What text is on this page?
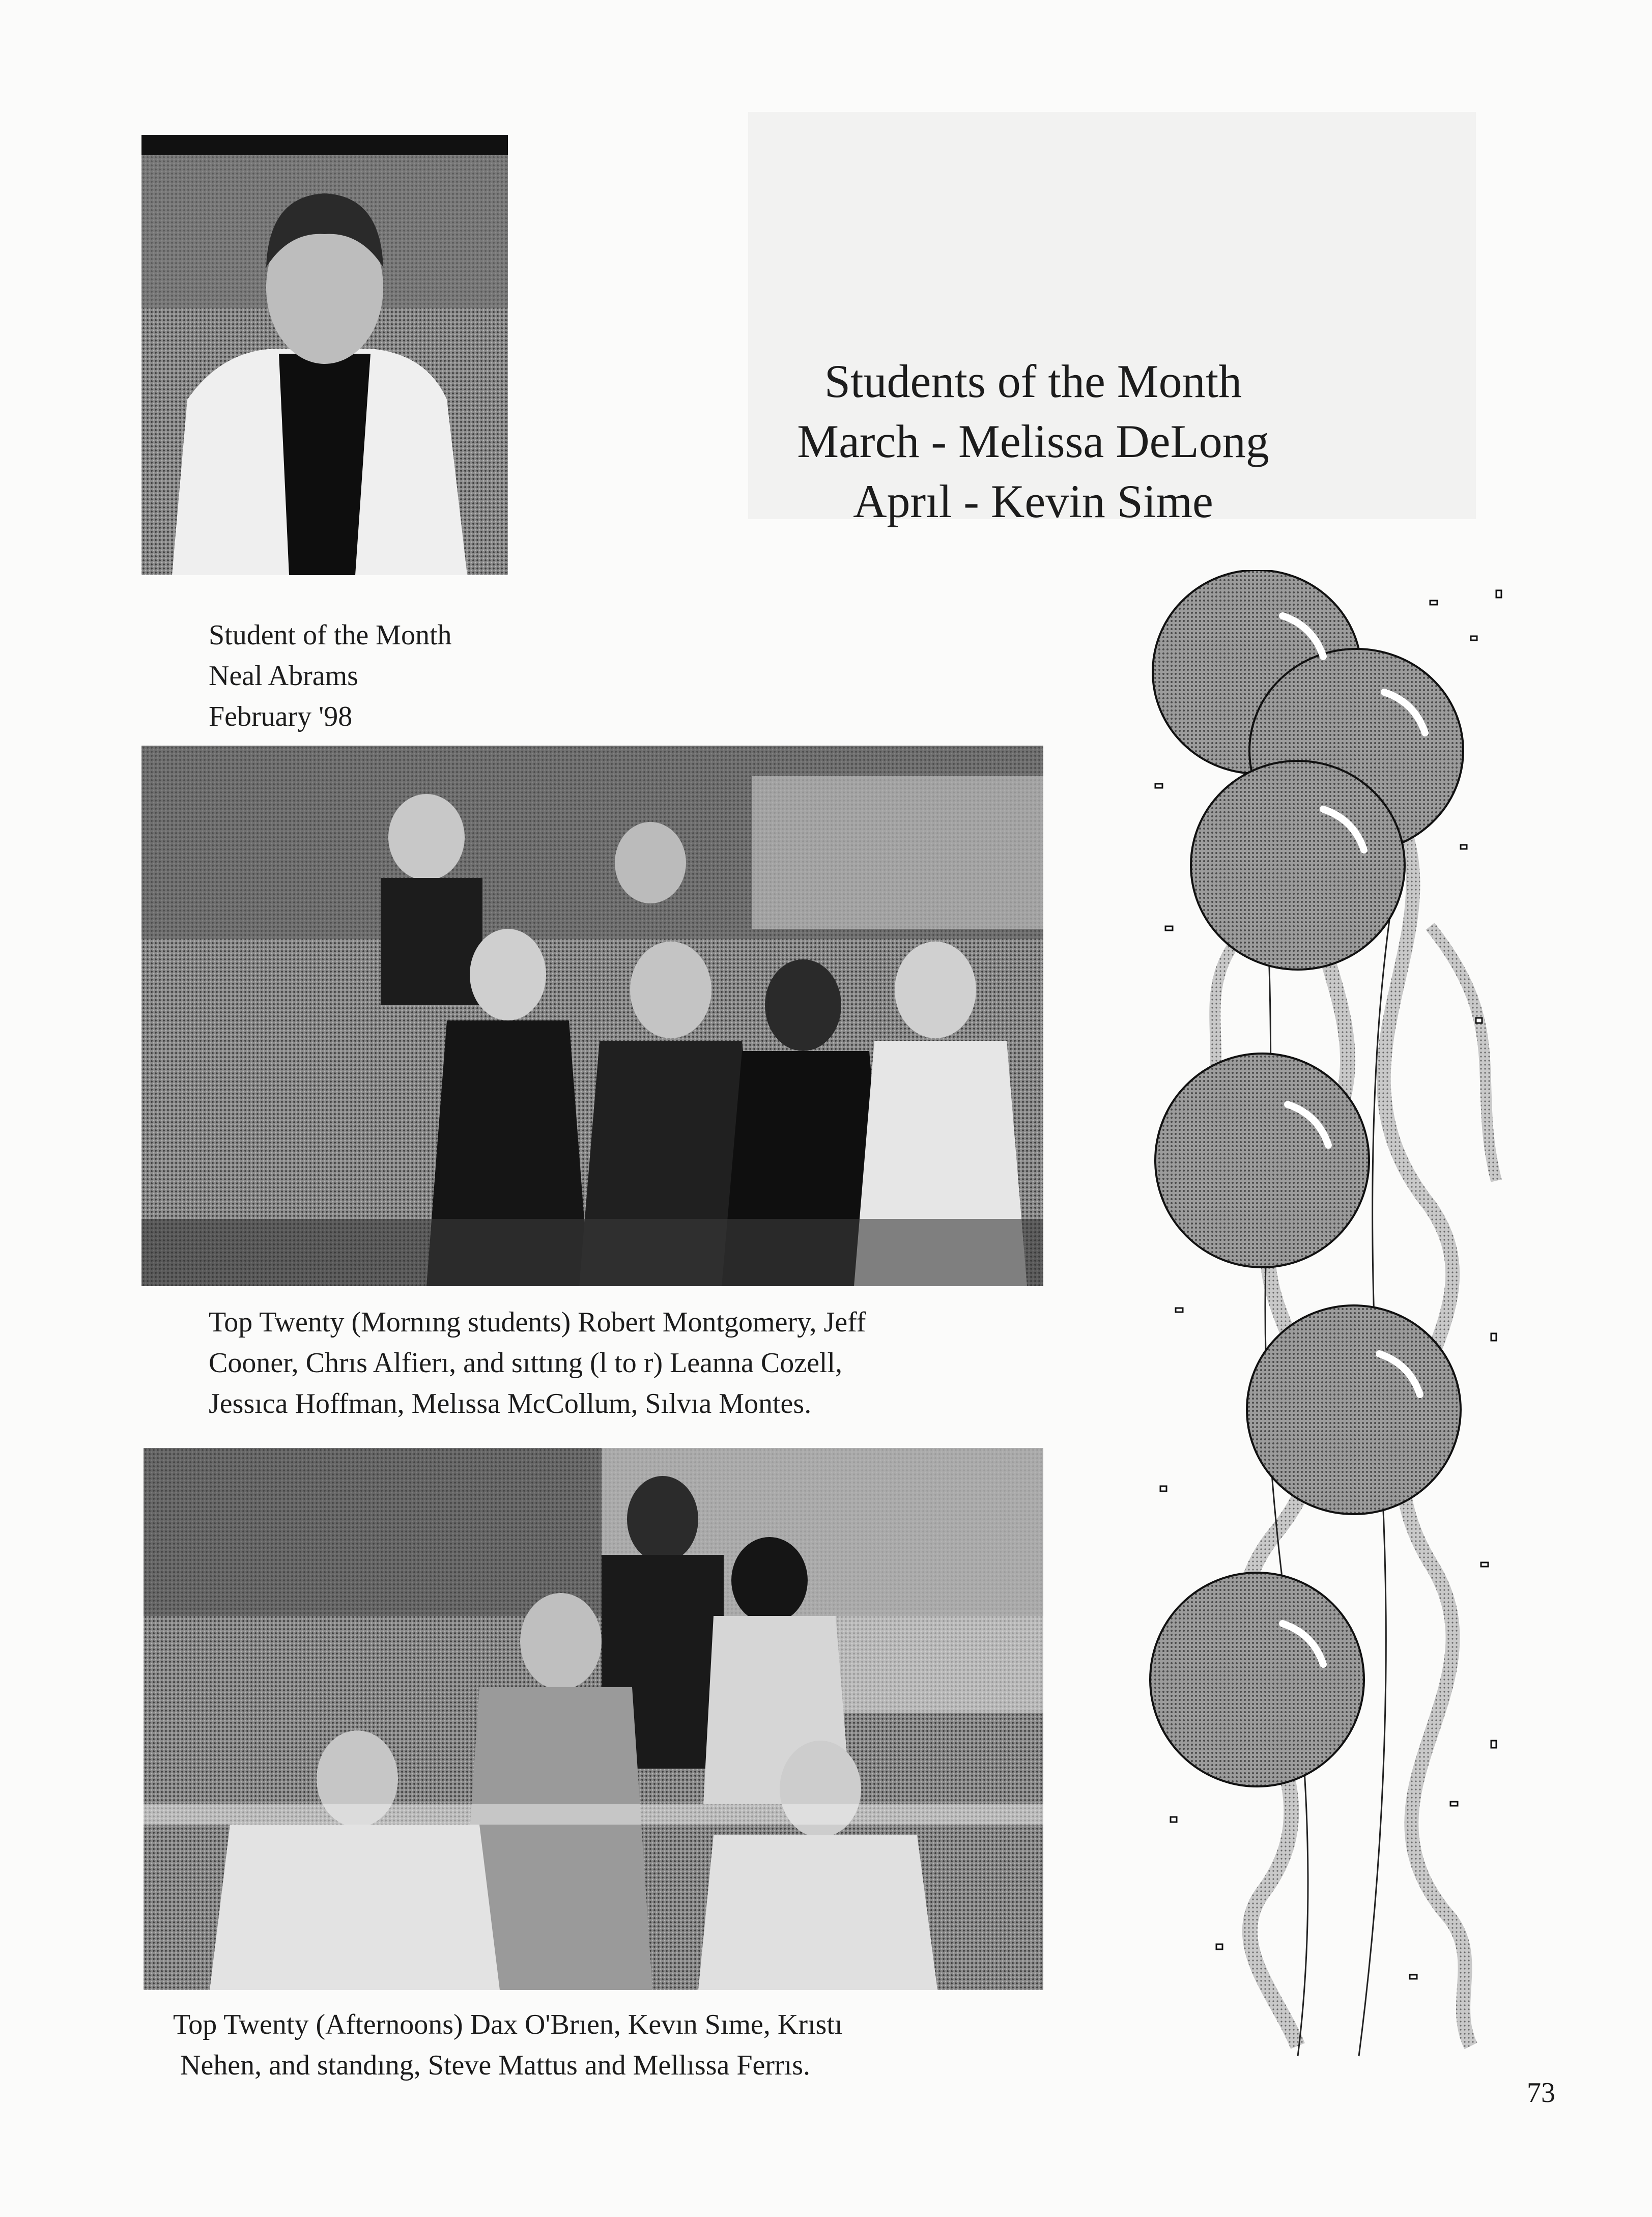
Students of the Month
March - Melissa DeLong
Aprıl - Kevin Sime
Student of the Month
Neal Abrams
February '98
Top Twenty (Mornıng students) Robert Montgomery, Jeff
Cooner, Chrıs Alfierı, and sıttıng (l to r) Leanna Cozell,
Jessıca Hoffman, Melıssa McCollum, Sılvıa Montes.
Top Twenty (Afternoons) Dax O'Brıen, Kevın Sıme, Krıstı
Nehen, and standıng, Steve Mattus and Mellıssa Ferrıs.
73
